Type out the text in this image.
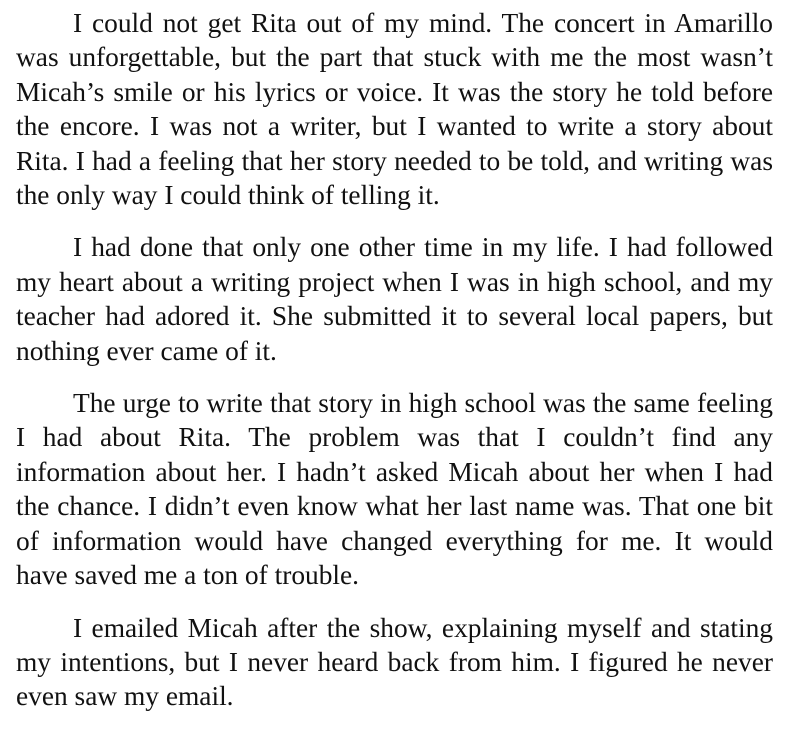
I could not get Rita out of my mind. The concert in Amarillo was unforgettable, but the part that stuck with me the most wasn’t Micah’s smile or his lyrics or voice. It was the story he told before the encore. I was not a writer, but I wanted to write a story about Rita. I had a feeling that her story needed to be told, and writing was the only way I could think of telling it.

I had done that only one other time in my life. I had followed my heart about a writing project when I was in high school, and my teacher had adored it. She submitted it to several local papers, but nothing ever came of it.

The urge to write that story in high school was the same feeling I had about Rita. The problem was that I couldn’t find any information about her. I hadn’t asked Micah about her when I had the chance. I didn’t even know what her last name was. That one bit of information would have changed everything for me. It would have saved me a ton of trouble.

I emailed Micah after the show, explaining myself and stating my intentions, but I never heard back from him. I figured he never even saw my email.
